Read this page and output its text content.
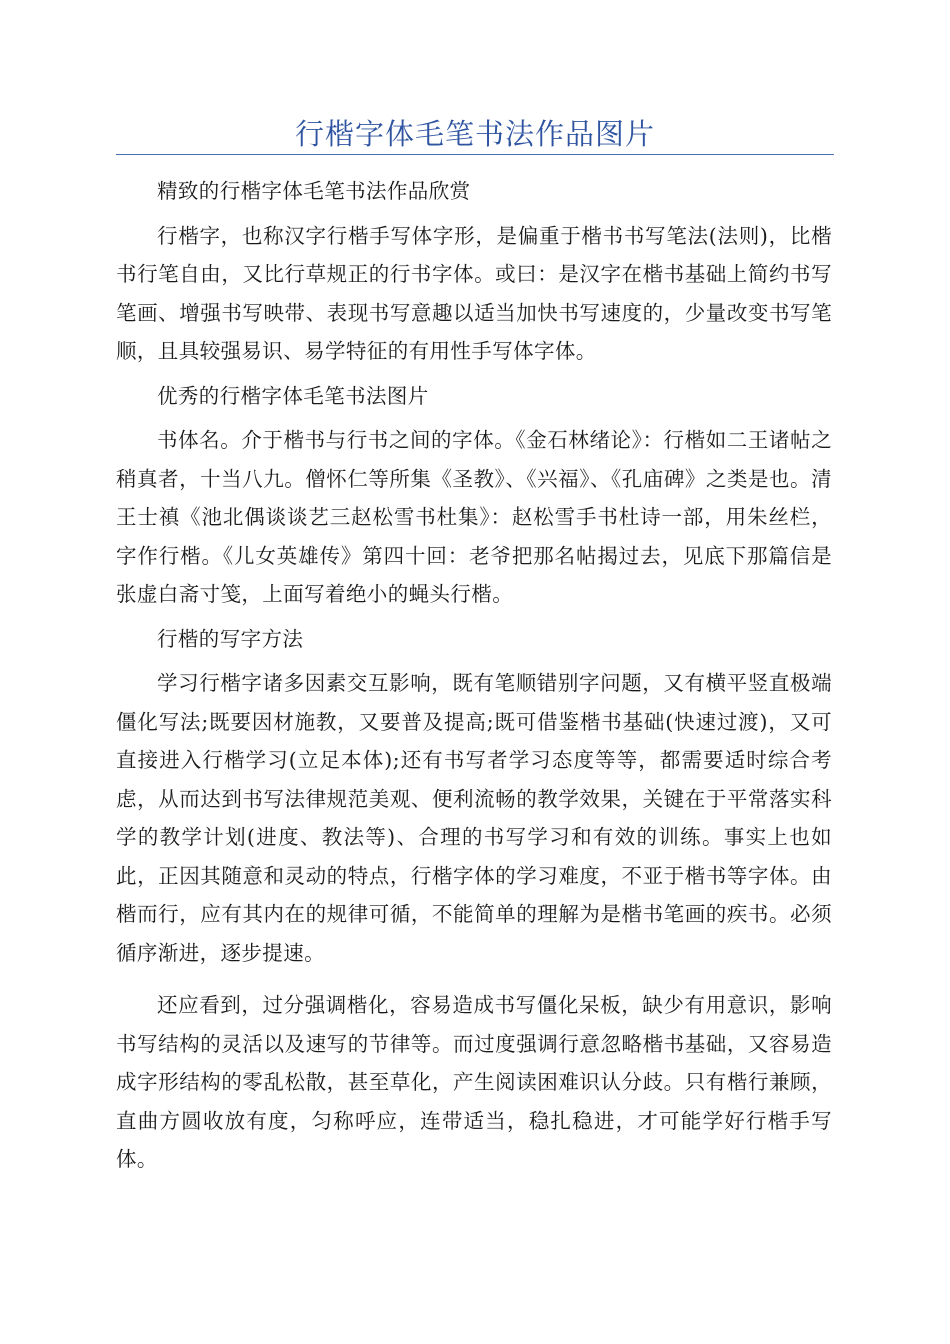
行楷字体毛笔书法作品图片

精致的行楷字体毛笔书法作品欣赏

行楷字，也称汉字行楷手写体字形，是偏重于楷书书写笔法(法则)，比楷书行笔自由，又比行草规正的行书字体。或曰：是汉字在楷书基础上简约书写笔画、增强书写映带、表现书写意趣以适当加快书写速度的，少量改变书写笔顺，且具较强易识、易学特征的有用性手写体字体。

优秀的行楷字体毛笔书法图片

书体名。介于楷书与行书之间的字体。《金石林绪论》：行楷如二王诸帖之稍真者，十当八九。僧怀仁等所集《圣教》、《兴福》、《孔庙碑》之类是也。清王士禛《池北偶谈谈艺三赵松雪书杜集》：赵松雪手书杜诗一部，用朱丝栏，字作行楷。《儿女英雄传》第四十回：老爷把那名帖揭过去，见底下那篇信是张虚白斋寸笺，上面写着绝小的蝇头行楷。

行楷的写字方法

学习行楷字诸多因素交互影响，既有笔顺错别字问题，又有横平竖直极端僵化写法;既要因材施教，又要普及提高;既可借鉴楷书基础(快速过渡)，又可直接进入行楷学习(立足本体);还有书写者学习态度等等，都需要适时综合考虑，从而达到书写法律规范美观、便利流畅的教学效果，关键在于平常落实科学的教学计划(进度、教法等)、合理的书写学习和有效的训练。事实上也如此，正因其随意和灵动的特点，行楷字体的学习难度，不亚于楷书等字体。由楷而行，应有其内在的规律可循，不能简单的理解为是楷书笔画的疾书。必须循序渐进，逐步提速。

还应看到，过分强调楷化，容易造成书写僵化呆板，缺少有用意识，影响书写结构的灵活以及速写的节律等。而过度强调行意忽略楷书基础，又容易造成字形结构的零乱松散，甚至草化，产生阅读困难识认分歧。只有楷行兼顾，直曲方圆收放有度，匀称呼应，连带适当，稳扎稳进，才可能学好行楷手写体。
